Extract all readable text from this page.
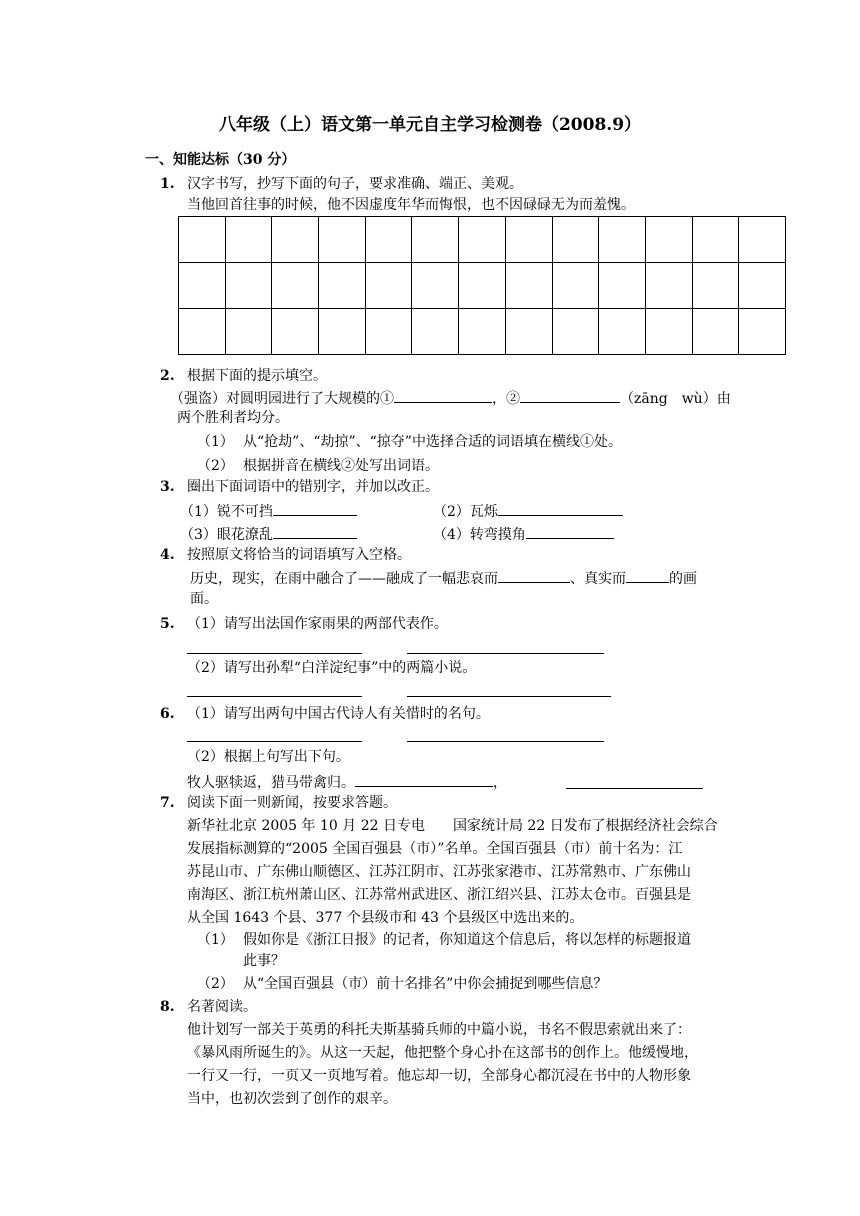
八年级（上）语文第一单元自主学习检测卷（2008.9）
一、知能达标（30 分）
1. 汉字书写，抄写下面的句子，要求准确、端正、美观。
当他回首往事的时候，他不因虚度年华而悔恨，也不因碌碌无为而羞愧。

2. 根据下面的提示填空。
（强盗）对圆明园进行了大规模的①	，②	（zāng　wù）由
两个胜利者均分。
（1） 从“抢劫”、“劫掠”、“掠夺”中选择合适的词语填在横线①处。
（2） 根据拼音在横线②处写出词语。
3. 圈出下面词语中的错别字，并加以改正。
（1）锐不可挡	（2）瓦烁
（3）眼花潦乱	（4）转弯摸角
4. 按照原文将恰当的词语填写入空格。
历史，现实，在雨中融合了——融成了一幅悲哀而	、真实而	的画
面。
5. （1）请写出法国作家雨果的两部代表作。
（2）请写出孙犁“白洋淀纪事”中的两篇小说。
6. （1）请写出两句中国古代诗人有关惜时的名句。
（2）根据上句写出下句。
牧人驱犊返，猎马带禽归。	，
7. 阅读下面一则新闻，按要求答题。
新华社北京 2005 年 10 月 22 日专电　　国家统计局 22 日发布了根据经济社会综合
发展指标测算的“2005 全国百强县（市）”名单。全国百强县（市）前十名为：江
苏昆山市、广东佛山顺德区、江苏江阴市、江苏张家港市、江苏常熟市、广东佛山
南海区、浙江杭州萧山区、江苏常州武进区、浙江绍兴县、江苏太仓市。百强县是
从全国 1643 个县、377 个县级市和 43 个县级区中选出来的。
（1） 假如你是《浙江日报》的记者，你知道这个信息后，将以怎样的标题报道
此事？
（2） 从“全国百强县（市）前十名排名”中你会捕捉到哪些信息？
8. 名著阅读。
他计划写一部关于英勇的科托夫斯基骑兵师的中篇小说，书名不假思索就出来了：
《暴风雨所诞生的》。从这一天起，他把整个身心扑在这部书的创作上。他缓慢地，
一行又一行，一页又一页地写着。他忘却一切，全部身心都沉浸在书中的人物形象
当中，也初次尝到了创作的艰辛。
